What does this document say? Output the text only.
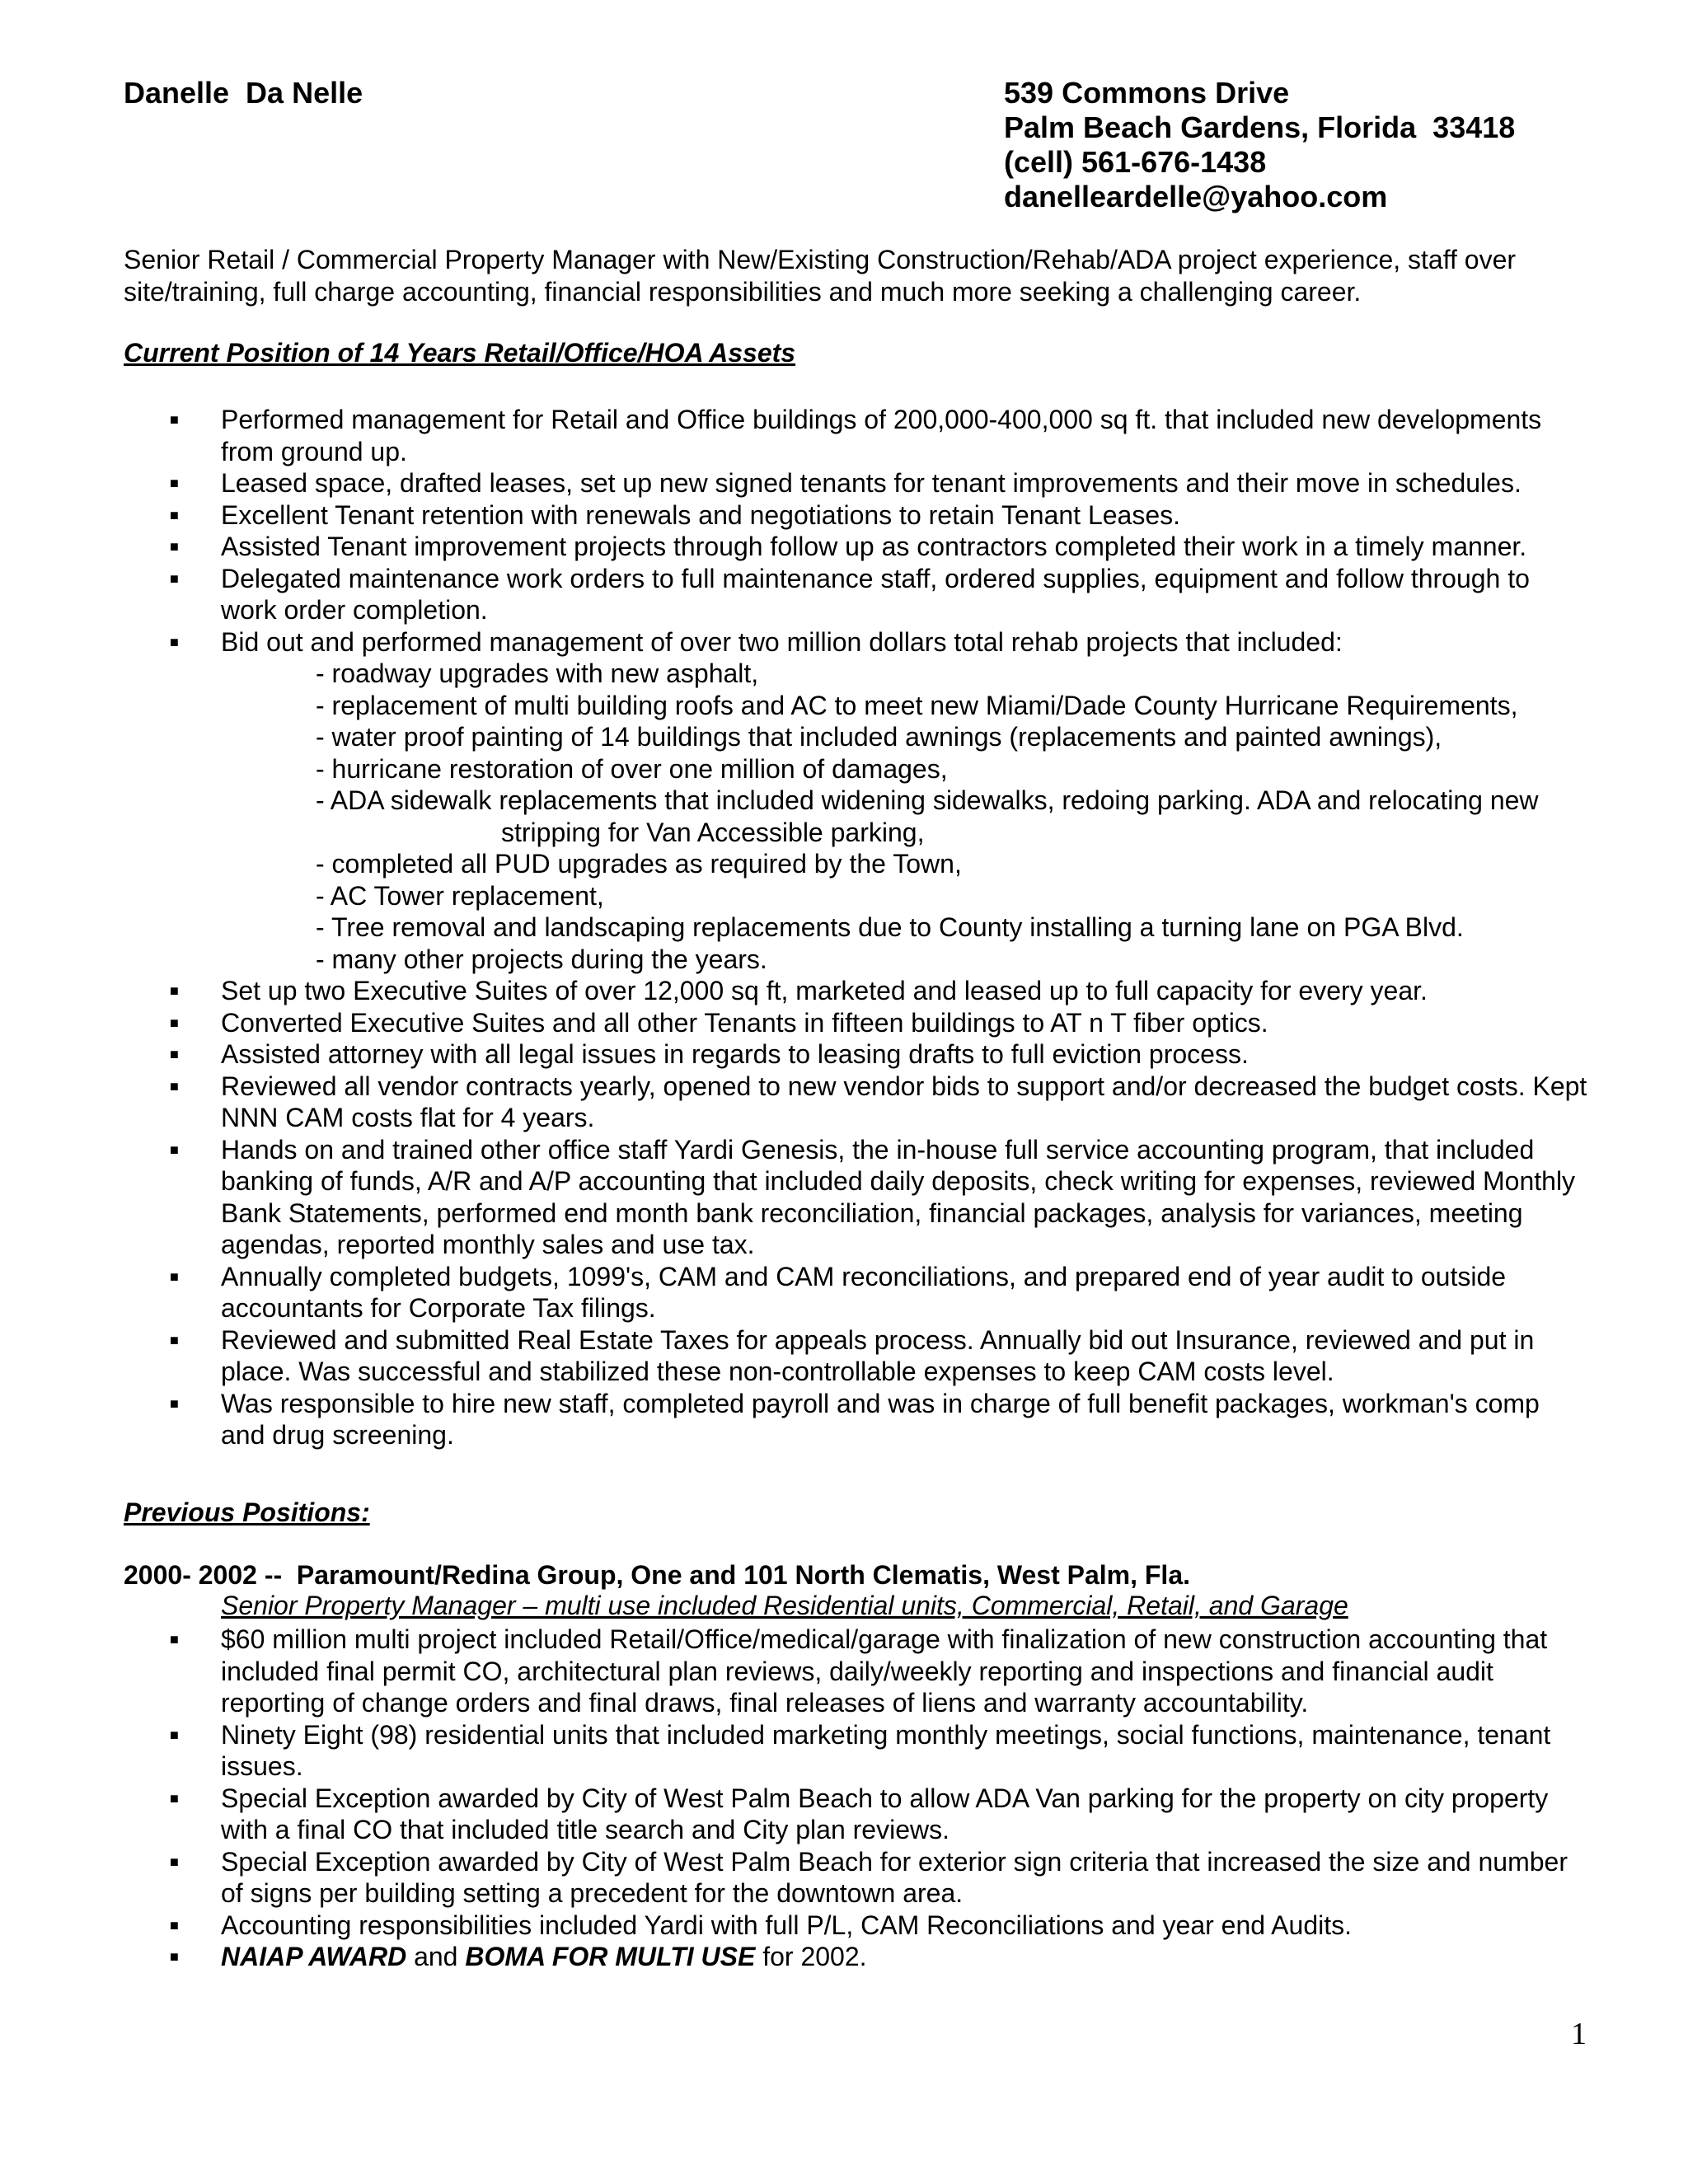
Danelle  Da Nelle	539 Commons Drive
Palm Beach Gardens, Florida  33418
(cell) 561-676-1438
danelleardelle@yahoo.com
Senior Retail / Commercial Property Manager with New/Existing Construction/Rehab/ADA project experience, staff over site/training, full charge accounting, financial responsibilities and much more seeking a challenging career.
Current Position of 14 Years Retail/Office/HOA Assets
■ Performed management for Retail and Office buildings of 200,000-400,000 sq ft. that included new developments from ground up.
■ Leased space, drafted leases, set up new signed tenants for tenant improvements and their move in schedules.
■ Excellent Tenant retention with renewals and negotiations to retain Tenant Leases.
■ Assisted Tenant improvement projects through follow up as contractors completed their work in a timely manner.
■ Delegated maintenance work orders to full maintenance staff, ordered supplies, equipment and follow through to work order completion.
■ Bid out and performed management of over two million dollars total rehab projects that included:
- roadway upgrades with new asphalt,
- replacement of multi building roofs and AC to meet new Miami/Dade County Hurricane Requirements,
- water proof painting of 14 buildings that included awnings (replacements and painted awnings),
- hurricane restoration of over one million of damages,
- ADA sidewalk replacements that included widening sidewalks, redoing parking. ADA and relocating new
stripping for Van Accessible parking,
- completed all PUD upgrades as required by the Town,
- AC Tower replacement,
- Tree removal and landscaping replacements due to County installing a turning lane on PGA Blvd.
- many other projects during the years.
■ Set up two Executive Suites of over 12,000 sq ft, marketed and leased up to full capacity for every year.
■ Converted Executive Suites and all other Tenants in fifteen buildings to AT n T fiber optics.
■ Assisted attorney with all legal issues in regards to leasing drafts to full eviction process.
■ Reviewed all vendor contracts yearly, opened to new vendor bids to support and/or decreased the budget costs. Kept NNN CAM costs flat for 4 years.
■ Hands on and trained other office staff Yardi Genesis, the in-house full service accounting program, that included banking of funds, A/R and A/P accounting that included daily deposits, check writing for expenses, reviewed Monthly Bank Statements, performed end month bank reconciliation, financial packages, analysis for variances, meeting agendas, reported monthly sales and use tax.
■ Annually completed budgets, 1099's, CAM and CAM reconciliations, and prepared end of year audit to outside accountants for Corporate Tax filings.
■ Reviewed and submitted Real Estate Taxes for appeals process. Annually bid out Insurance, reviewed and put in place. Was successful and stabilized these non-controllable expenses to keep CAM costs level.
■ Was responsible to hire new staff, completed payroll and was in charge of full benefit packages, workman's comp and drug screening.
Previous Positions:
2000- 2002 --  Paramount/Redina Group, One and 101 North Clematis, West Palm, Fla.
Senior Property Manager – multi use included Residential units, Commercial, Retail, and Garage
■ $60 million multi project included Retail/Office/medical/garage with finalization of new construction accounting that included final permit CO, architectural plan reviews, daily/weekly reporting and inspections and financial audit reporting of change orders and final draws, final releases of liens and warranty accountability.
■ Ninety Eight (98) residential units that included marketing monthly meetings, social functions, maintenance, tenant issues.
■ Special Exception awarded by City of West Palm Beach to allow ADA Van parking for the property on city property with a final CO that included title search and City plan reviews.
■ Special Exception awarded by City of West Palm Beach for exterior sign criteria that increased the size and number of signs per building setting a precedent for the downtown area.
■ Accounting responsibilities included Yardi with full P/L, CAM Reconciliations and year end Audits.
■ NAIAP AWARD and BOMA FOR MULTI USE for 2002.
1
